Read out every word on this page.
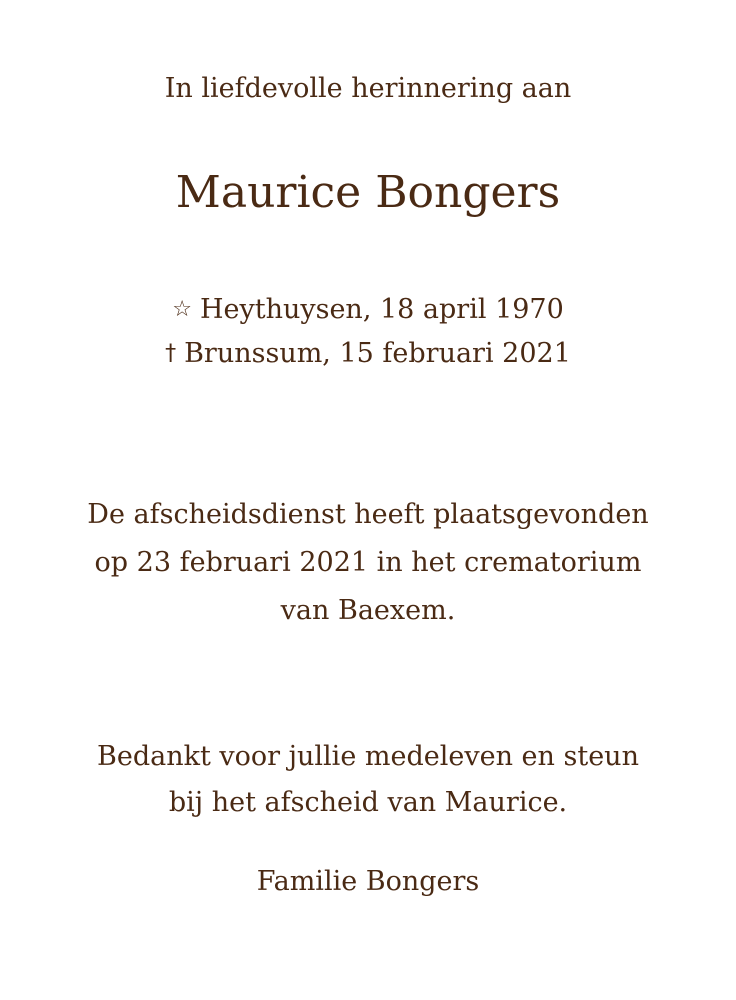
In liefdevolle herinnering aan
Maurice Bongers
☆ Heythuysen, 18 april 1970
† Brunssum, 15 februari 2021
De afscheidsdienst heeft plaatsgevonden
op 23 februari 2021 in het crematorium
van Baexem.
Bedankt voor jullie medeleven en steun
bij het afscheid van Maurice.
Familie Bongers
